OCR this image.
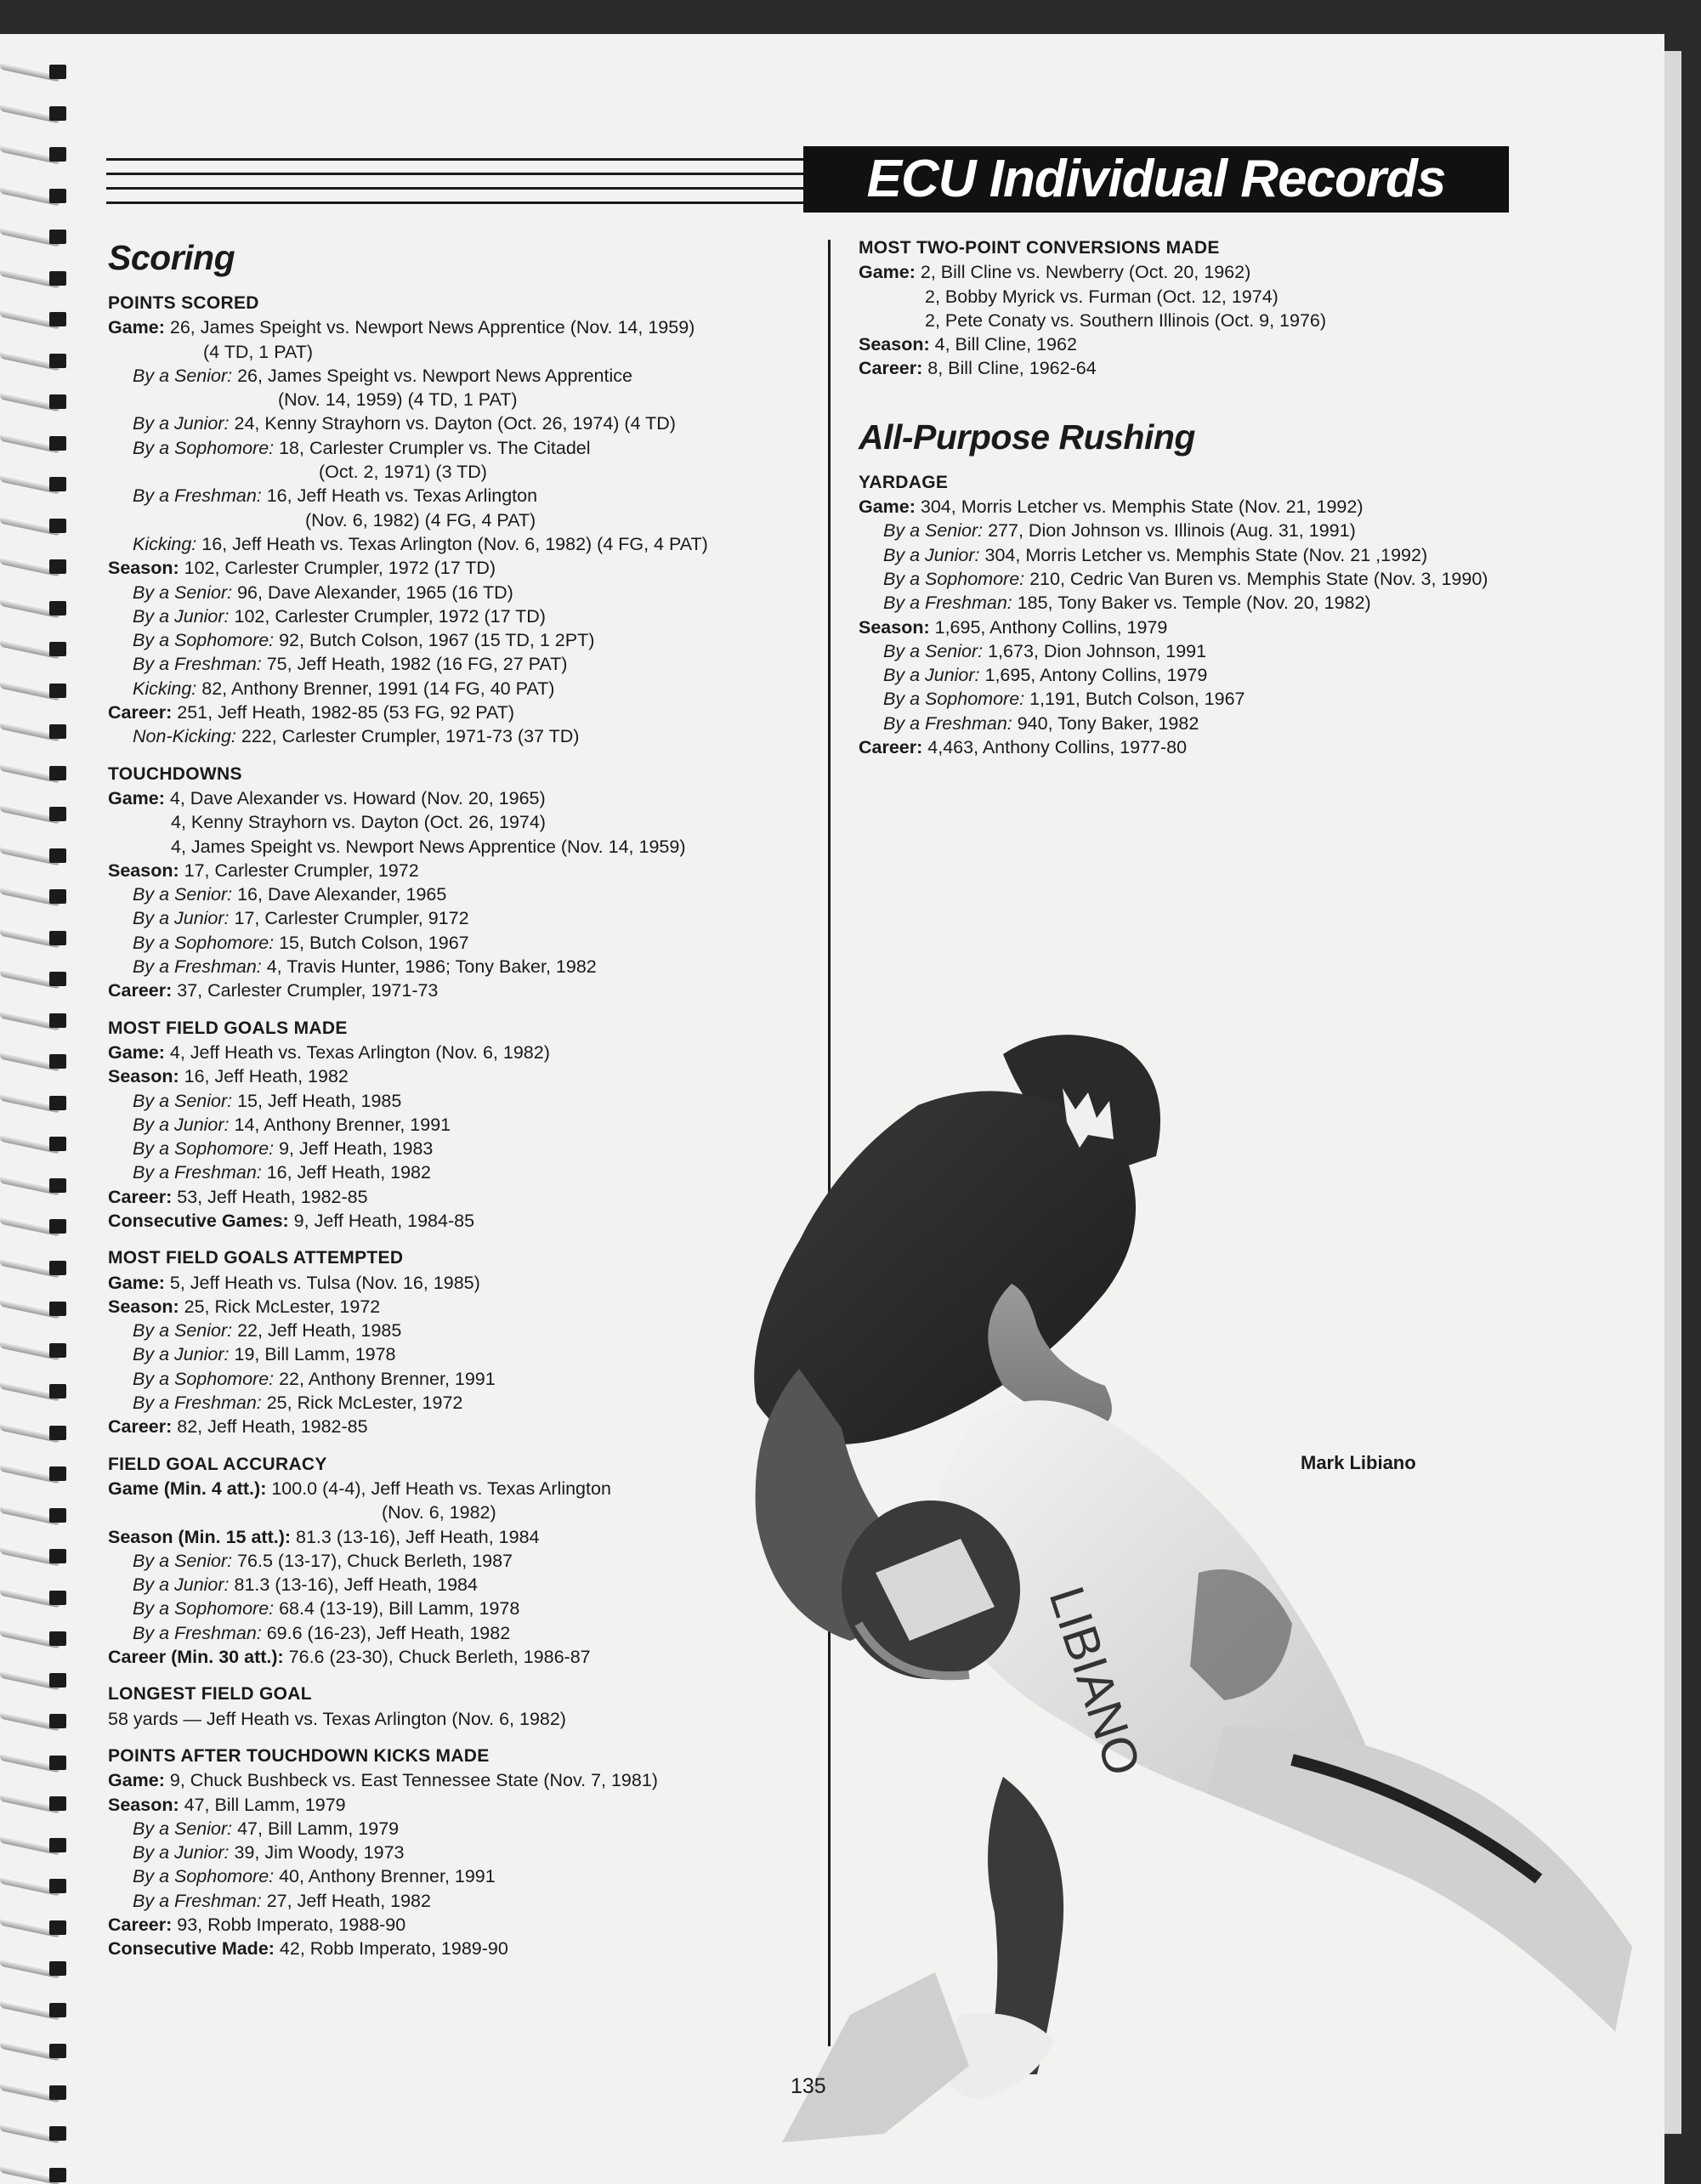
ECU Individual Records
Scoring
POINTS SCORED
Game: 26, James Speight vs. Newport News Apprentice (Nov. 14, 1959)
(4 TD, 1 PAT)
By a Senior: 26, James Speight vs. Newport News Apprentice
(Nov. 14, 1959) (4 TD, 1 PAT)
By a Junior: 24, Kenny Strayhorn vs. Dayton (Oct. 26, 1974) (4 TD)
By a Sophomore: 18, Carlester Crumpler vs. The Citadel
(Oct. 2, 1971) (3 TD)
By a Freshman: 16, Jeff Heath vs. Texas Arlington
(Nov. 6, 1982) (4 FG, 4 PAT)
Kicking: 16, Jeff Heath vs. Texas Arlington (Nov. 6, 1982) (4 FG, 4 PAT)
Season: 102, Carlester Crumpler, 1972 (17 TD)
By a Senior: 96, Dave Alexander, 1965 (16 TD)
By a Junior: 102, Carlester Crumpler, 1972 (17 TD)
By a Sophomore: 92, Butch Colson, 1967 (15 TD, 1 2PT)
By a Freshman: 75, Jeff Heath, 1982 (16 FG, 27 PAT)
Kicking: 82, Anthony Brenner, 1991 (14 FG, 40 PAT)
Career: 251, Jeff Heath, 1982-85 (53 FG, 92 PAT)
Non-Kicking: 222, Carlester Crumpler, 1971-73 (37 TD)
TOUCHDOWNS
Game: 4, Dave Alexander vs. Howard (Nov. 20, 1965)
4, Kenny Strayhorn vs. Dayton (Oct. 26, 1974)
4, James Speight vs. Newport News Apprentice (Nov. 14, 1959)
Season: 17, Carlester Crumpler, 1972
By a Senior: 16, Dave Alexander, 1965
By a Junior: 17, Carlester Crumpler, 9172
By a Sophomore: 15, Butch Colson, 1967
By a Freshman: 4, Travis Hunter, 1986; Tony Baker, 1982
Career: 37, Carlester Crumpler, 1971-73
MOST FIELD GOALS MADE
Game: 4, Jeff Heath vs. Texas Arlington (Nov. 6, 1982)
Season: 16, Jeff Heath, 1982
By a Senior: 15, Jeff Heath, 1985
By a Junior: 14, Anthony Brenner, 1991
By a Sophomore: 9, Jeff Heath, 1983
By a Freshman: 16, Jeff Heath, 1982
Career: 53, Jeff Heath, 1982-85
Consecutive Games: 9, Jeff Heath, 1984-85
MOST FIELD GOALS ATTEMPTED
Game: 5, Jeff Heath vs. Tulsa (Nov. 16, 1985)
Season: 25, Rick McLester, 1972
By a Senior: 22, Jeff Heath, 1985
By a Junior: 19, Bill Lamm, 1978
By a Sophomore: 22, Anthony Brenner, 1991
By a Freshman: 25, Rick McLester, 1972
Career: 82, Jeff Heath, 1982-85
FIELD GOAL ACCURACY
Game (Min. 4 att.): 100.0 (4-4), Jeff Heath vs. Texas Arlington
(Nov. 6, 1982)
Season (Min. 15 att.): 81.3 (13-16), Jeff Heath, 1984
By a Senior: 76.5 (13-17), Chuck Berleth, 1987
By a Junior: 81.3 (13-16), Jeff Heath, 1984
By a Sophomore: 68.4 (13-19), Bill Lamm, 1978
By a Freshman: 69.6 (16-23), Jeff Heath, 1982
Career (Min. 30 att.): 76.6 (23-30), Chuck Berleth, 1986-87
LONGEST FIELD GOAL
58 yards — Jeff Heath vs. Texas Arlington (Nov. 6, 1982)
POINTS AFTER TOUCHDOWN KICKS MADE
Game: 9, Chuck Bushbeck vs. East Tennessee State (Nov. 7, 1981)
Season: 47, Bill Lamm, 1979
By a Senior: 47, Bill Lamm, 1979
By a Junior: 39, Jim Woody, 1973
By a Sophomore: 40, Anthony Brenner, 1991
By a Freshman: 27, Jeff Heath, 1982
Career: 93, Robb Imperato, 1988-90
Consecutive Made: 42, Robb Imperato, 1989-90
MOST TWO-POINT CONVERSIONS MADE
Game: 2, Bill Cline vs. Newberry (Oct. 20, 1962)
2, Bobby Myrick vs. Furman (Oct. 12, 1974)
2, Pete Conaty vs. Southern Illinois (Oct. 9, 1976)
Season: 4, Bill Cline, 1962
Career: 8, Bill Cline, 1962-64
All-Purpose Rushing
YARDAGE
Game: 304, Morris Letcher vs. Memphis State (Nov. 21, 1992)
By a Senior: 277, Dion Johnson vs. Illinois (Aug. 31, 1991)
By a Junior: 304, Morris Letcher vs. Memphis State (Nov. 21 ,1992)
By a Sophomore: 210, Cedric Van Buren vs. Memphis State (Nov. 3, 1990)
By a Freshman: 185, Tony Baker vs. Temple (Nov. 20, 1982)
Season: 1,695, Anthony Collins, 1979
By a Senior: 1,673, Dion Johnson, 1991
By a Junior: 1,695, Antony Collins, 1979
By a Sophomore: 1,191, Butch Colson, 1967
By a Freshman: 940, Tony Baker, 1982
Career: 4,463, Anthony Collins, 1977-80
LIBIANO
Mark Libiano
135
